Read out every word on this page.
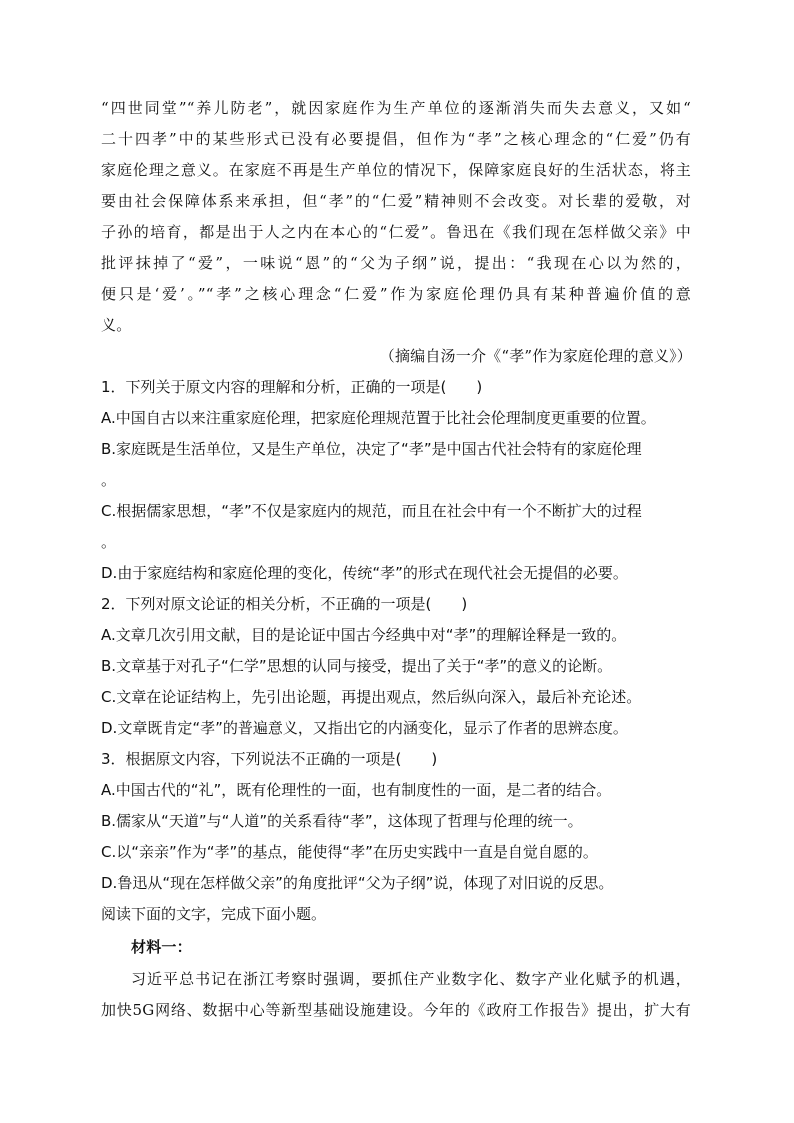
“四世同堂”“养儿防老”，就因家庭作为生产单位的逐渐消失而失去意义，又如“
二十四孝”中的某些形式已没有必要提倡，但作为“孝”之核心理念的“仁爱”仍有
家庭伦理之意义。在家庭不再是生产单位的情况下，保障家庭良好的生活状态，将主
要由社会保障体系来承担，但“孝”的“仁爱”精神则不会改变。对长辈的爱敬，对
子孙的培育，都是出于人之内在本心的“仁爱”。鲁迅在《我们现在怎样做父亲》中
批评抹掉了“爱”，一味说“恩”的“父为子纲”说，提出：“我现在心以为然的，
便只是‘爱’。”“孝”之核心理念“仁爱”作为家庭伦理仍具有某种普遍价值的意
义。
（摘编自汤一介《“孝”作为家庭伦理的意义》）
1．下列关于原文内容的理解和分析，正确的一项是(　　)
A.中国自古以来注重家庭伦理，把家庭伦理规范置于比社会伦理制度更重要的位置。
B.家庭既是生活单位，又是生产单位，决定了“孝”是中国古代社会特有的家庭伦理
。
C.根据儒家思想，“孝”不仅是家庭内的规范，而且在社会中有一个不断扩大的过程
。
D.由于家庭结构和家庭伦理的变化，传统“孝”的形式在现代社会无提倡的必要。
2．下列对原文论证的相关分析，不正确的一项是(　　)
A.文章几次引用文献，目的是论证中国古今经典中对“孝”的理解诠释是一致的。
B.文章基于对孔子“仁学”思想的认同与接受，提出了关于“孝”的意义的论断。
C.文章在论证结构上，先引出论题，再提出观点，然后纵向深入，最后补充论述。
D.文章既肯定“孝”的普遍意义，又指出它的内涵变化，显示了作者的思辨态度。
3．根据原文内容，下列说法不正确的一项是(　　)
A.中国古代的“礼”，既有伦理性的一面，也有制度性的一面，是二者的结合。
B.儒家从“天道”与“人道”的关系看待“孝”，这体现了哲理与伦理的统一。
C.以“亲亲”作为“孝”的基点，能使得“孝”在历史实践中一直是自觉自愿的。
D.鲁迅从“现在怎样做父亲”的角度批评“父为子纲”说，体现了对旧说的反思。
阅读下面的文字，完成下面小题。
材料一：
习近平总书记在浙江考察时强调，要抓住产业数字化、数字产业化赋予的机遇，
加快5G网络、数据中心等新型基础设施建设。今年的《政府工作报告》提出，扩大有
